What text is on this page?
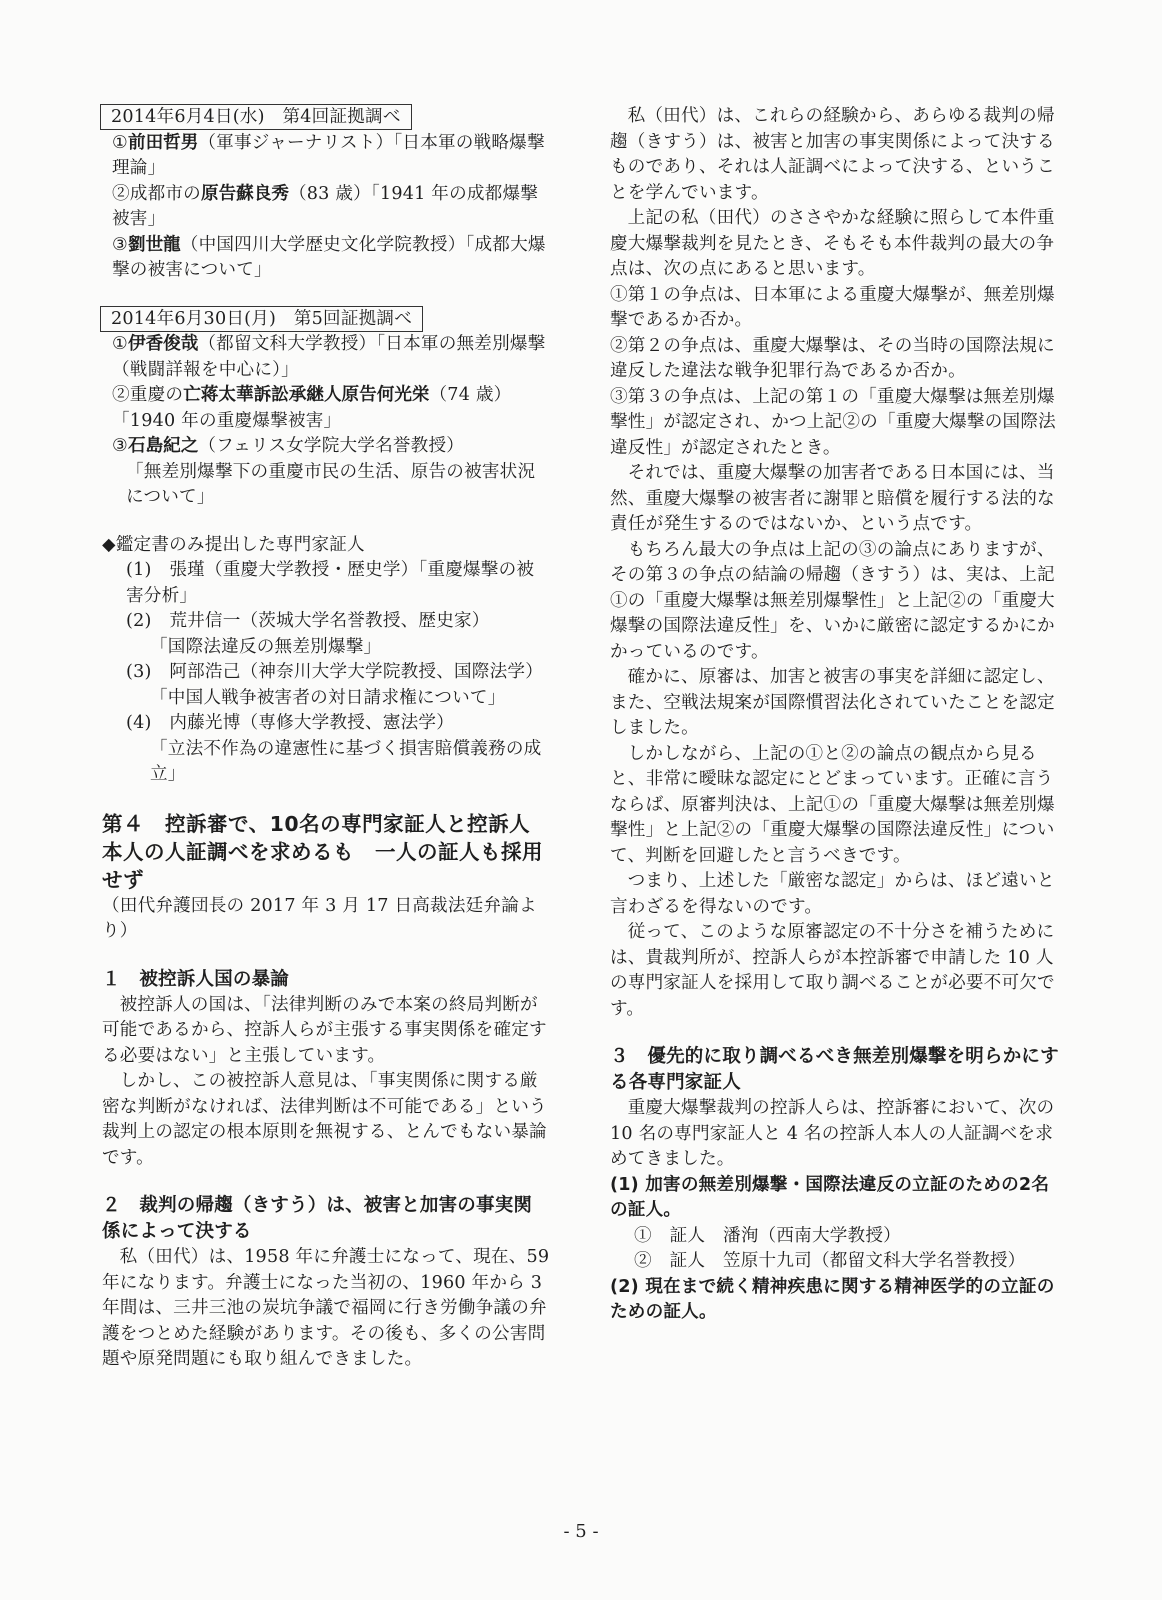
2014年6月4日(水)　第4回証拠調べ

①前田哲男（軍事ジャーナリスト）「日本軍の戦略爆撃理論」

②成都市の原告蘇良秀（83 歳）「1941 年の成都爆撃被害」

③劉世龍（中国四川大学歴史文化学院教授）「成都大爆撃の被害について」

2014年6月30日(月)　第5回証拠調べ

①伊香俊哉（都留文科大学教授）「日本軍の無差別爆撃（戦闘詳報を中心に）」

②重慶の亡蒋太華訴訟承継人原告何光栄（74 歳）「1940 年の重慶爆撃被害」

③石島紀之（フェリス女学院大学名誉教授）

「無差別爆撃下の重慶市民の生活、原告の被害状況について」

◆鑑定書のみ提出した専門家証人

(1)　張瑾（重慶大学教授・歴史学）「重慶爆撃の被害分析」

(2)　荒井信一（茨城大学名誉教授、歴史家）

「国際法違反の無差別爆撃」

(3)　阿部浩己（神奈川大学大学院教授、国際法学）

「中国人戦争被害者の対日請求権について」

(4)　内藤光博（専修大学教授、憲法学）

「立法不作為の違憲性に基づく損害賠償義務の成立」

第４　控訴審で、10名の専門家証人と控訴人本人の人証調べを求めるも　一人の証人も採用せず

（田代弁護団長の 2017 年 3 月 17 日高裁法廷弁論より）

１　被控訴人国の暴論

被控訴人の国は、「法律判断のみで本案の終局判断が可能であるから、控訴人らが主張する事実関係を確定する必要はない」と主張しています。

しかし、この被控訴人意見は、「事実関係に関する厳密な判断がなければ、法律判断は不可能である」という裁判上の認定の根本原則を無視する、とんでもない暴論です。

２　裁判の帰趨（きすう）は、被害と加害の事実関係によって決する

私（田代）は、1958 年に弁護士になって、現在、59 年になります。弁護士になった当初の、1960 年から 3 年間は、三井三池の炭坑争議で福岡に行き労働争議の弁護をつとめた経験があります。その後も、多くの公害問題や原発問題にも取り組んできました。

私（田代）は、これらの経験から、あらゆる裁判の帰趨（きすう）は、被害と加害の事実関係によって決するものであり、それは人証調べによって決する、ということを学んでいます。

上記の私（田代）のささやかな経験に照らして本件重慶大爆撃裁判を見たとき、そもそも本件裁判の最大の争点は、次の点にあると思います。

①第１の争点は、日本軍による重慶大爆撃が、無差別爆撃であるか否か。

②第２の争点は、重慶大爆撃は、その当時の国際法規に違反した違法な戦争犯罪行為であるか否か。

③第３の争点は、上記の第１の「重慶大爆撃は無差別爆撃性」が認定され、かつ上記②の「重慶大爆撃の国際法違反性」が認定されたとき。

それでは、重慶大爆撃の加害者である日本国には、当然、重慶大爆撃の被害者に謝罪と賠償を履行する法的な責任が発生するのではないか、という点です。

もちろん最大の争点は上記の③の論点にありますが、その第３の争点の結論の帰趨（きすう）は、実は、上記①の「重慶大爆撃は無差別爆撃性」と上記②の「重慶大爆撃の国際法違反性」を、いかに厳密に認定するかにかかっているのです。

確かに、原審は、加害と被害の事実を詳細に認定し、また、空戦法規案が国際慣習法化されていたことを認定しました。

しかしながら、上記の①と②の論点の観点から見ると、非常に曖昧な認定にとどまっています。正確に言うならば、原審判決は、上記①の「重慶大爆撃は無差別爆撃性」と上記②の「重慶大爆撃の国際法違反性」について、判断を回避したと言うべきです。

つまり、上述した「厳密な認定」からは、ほど遠いと言わざるを得ないのです。

従って、このような原審認定の不十分さを補うためには、貴裁判所が、控訴人らが本控訴審で申請した 10 人の専門家証人を採用して取り調べることが必要不可欠です。

３　優先的に取り調べるべき無差別爆撃を明らかにする各専門家証人

重慶大爆撃裁判の控訴人らは、控訴審において、次の 10 名の専門家証人と 4 名の控訴人本人の人証調べを求めてきました。

(1) 加害の無差別爆撃・国際法違反の立証のための2名の証人。

①　証人　潘洵（西南大学教授）

②　証人　笠原十九司（都留文科大学名誉教授）

(2) 現在まで続く精神疾患に関する精神医学的の立証のための証人。

- 5 -
